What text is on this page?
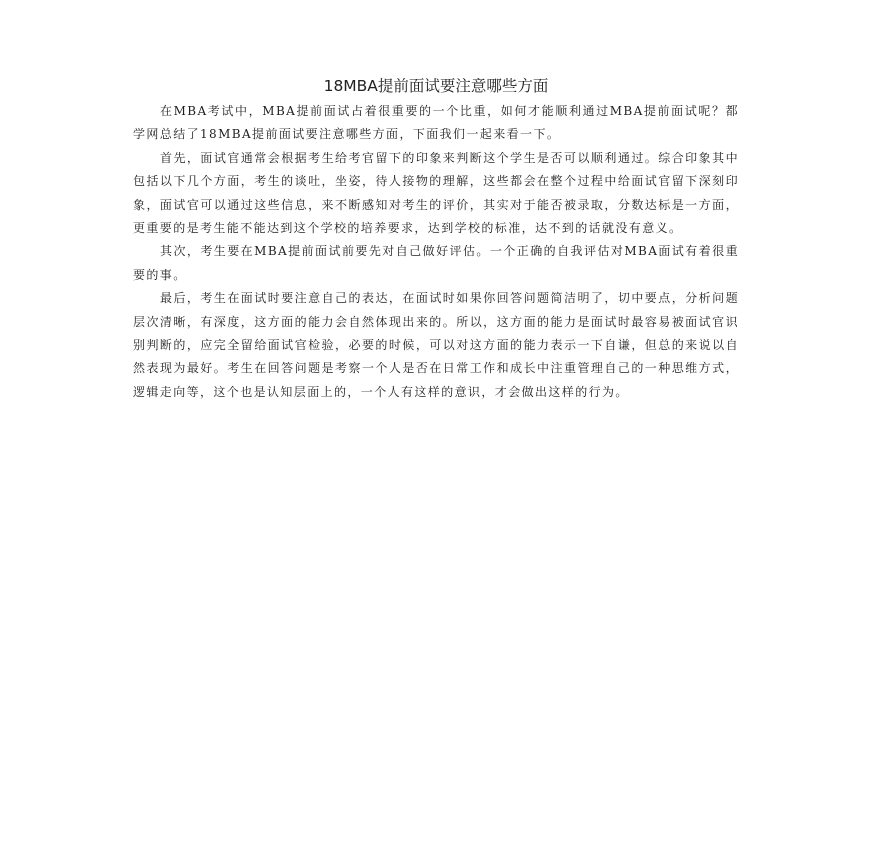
18MBA提前面试要注意哪些方面

在MBA考试中，MBA提前面试占着很重要的一个比重，如何才能顺利通过MBA提前面试呢？都学网总结了18MBA提前面试要注意哪些方面，下面我们一起来看一下。

首先，面试官通常会根据考生给考官留下的印象来判断这个学生是否可以顺利通过。综合印象其中包括以下几个方面，考生的谈吐，坐姿，待人接物的理解，这些都会在整个过程中给面试官留下深刻印象，面试官可以通过这些信息，来不断感知对考生的评价，其实对于能否被录取，分数达标是一方面，更重要的是考生能不能达到这个学校的培养要求，达到学校的标准，达不到的话就没有意义。

其次，考生要在MBA提前面试前要先对自己做好评估。一个正确的自我评估对MBA面试有着很重要的事。

最后，考生在面试时要注意自己的表达，在面试时如果你回答问题简洁明了，切中要点，分析问题层次清晰，有深度，这方面的能力会自然体现出来的。所以，这方面的能力是面试时最容易被面试官识别判断的，应完全留给面试官检验，必要的时候，可以对这方面的能力表示一下自谦，但总的来说以自然表现为最好。考生在回答问题是考察一个人是否在日常工作和成长中注重管理自己的一种思维方式，逻辑走向等，这个也是认知层面上的，一个人有这样的意识，才会做出这样的行为。
